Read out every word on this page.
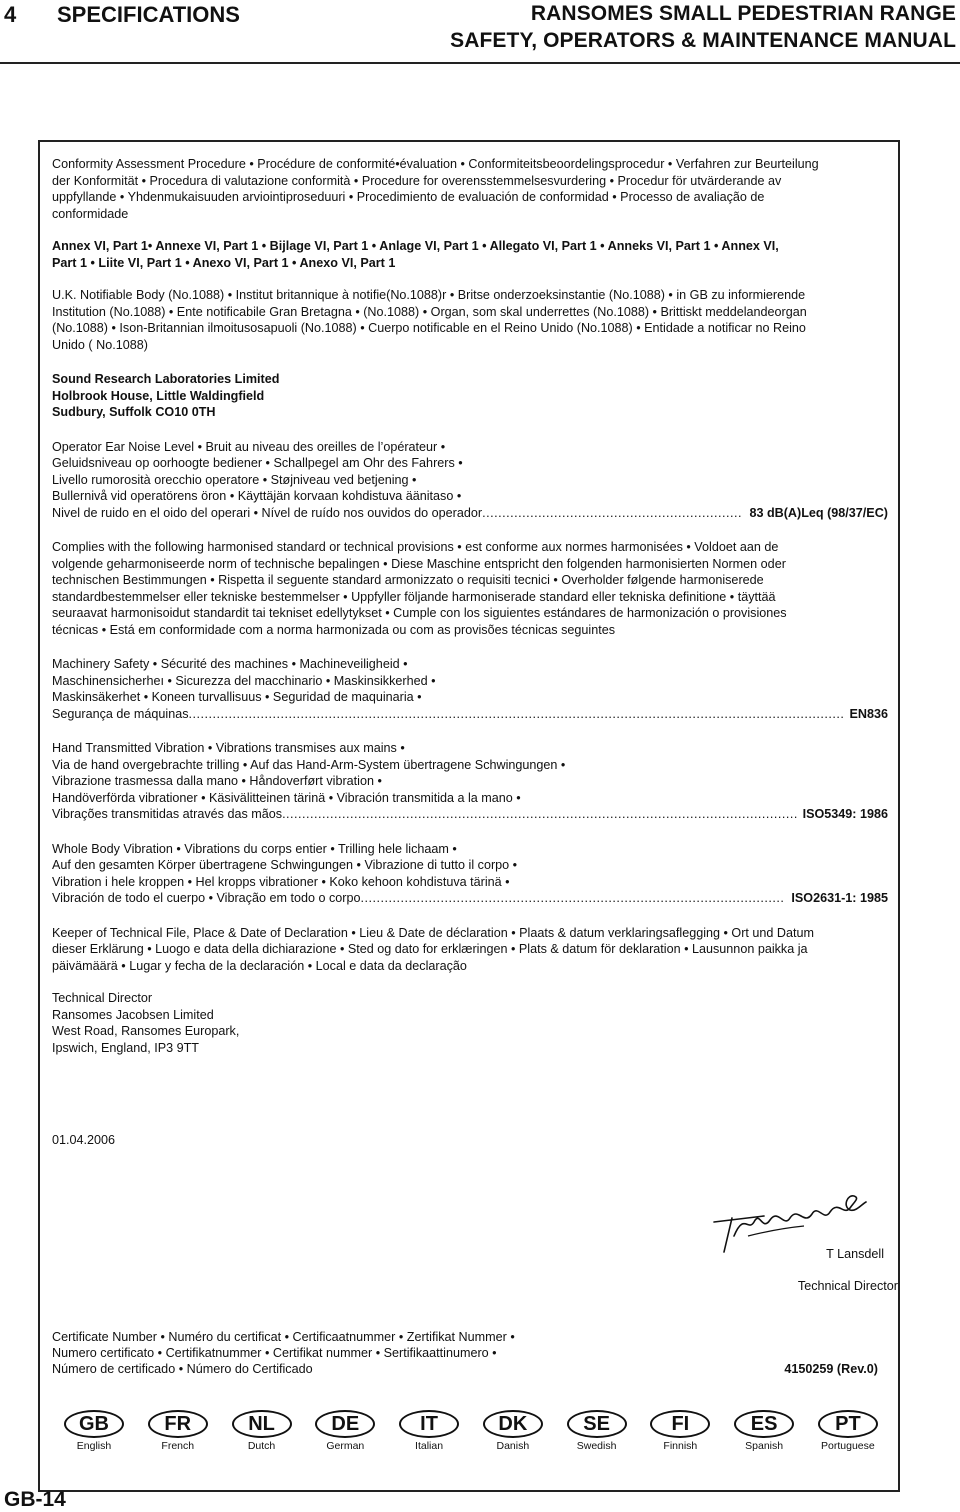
4 SPECIFICATIONS	RANSOMES SMALL PEDESTRIAN RANGE
SAFETY, OPERATORS & MAINTENANCE MANUAL
Conformity Assessment Procedure • Procédure de conformité•évaluation • Conformiteitsbeoordelingsprocedur • Verfahren zur Beurteilung
der Konformität • Procedura di valutazione conformità • Procedure for overensstemmelsesvurdering • Procedur för utvärderande av
uppfyllande • Yhdenmukaisuuden arviointiproseduuri • Procedimiento de evaluación de conformidad • Processo de avaliação de
conformidade
Annex VI, Part 1• Annexe VI, Part 1 • Bijlage VI, Part 1 • Anlage VI, Part 1 • Allegato VI, Part 1 • Anneks VI, Part 1 • Annex VI,
Part 1 • Liite VI, Part 1 • Anexo VI, Part 1 • Anexo VI, Part 1
U.K. Notifiable Body (No.1088) • Institut britannique à notifie(No.1088)r • Britse onderzoeksinstantie (No.1088) • in GB zu informierende
Institution (No.1088) • Ente notificabile Gran Bretagna • (No.1088) • Organ, som skal underrettes (No.1088) • Brittiskt meddelandeorgan
(No.1088) • Ison-Britannian ilmoitusosapuoli (No.1088) • Cuerpo notificable en el Reino Unido (No.1088) • Entidade a notificar no Reino
Unido ( No.1088)
Sound Research Laboratories Limited
Holbrook House, Little Waldingfield
Sudbury, Suffolk CO10 0TH
Operator Ear Noise Level • Bruit au niveau des oreilles de l’opérateur •
Geluidsniveau op oorhoogte bediener • Schallpegel am Ohr des Fahrers •
Livello rumorosità orecchio operatore • Støjniveau ved betjening •
Bullernivå vid operatörens öron • Käyttäjän korvaan kohdistuva äänitaso •
Nivel de ruido en el oido del operari • Nível de ruído nos ouvidos do operador .....	83 dB(A)Leq (98/37/EC)
Complies with the following harmonised standard or technical provisions • est conforme aux normes harmonisées • Voldoet aan de
volgende geharmoniseerde norm of technische bepalingen • Diese Maschine entspricht den folgenden harmonisierten Normen oder
technischen Bestimmungen • Rispetta il seguente standard armonizzato o requisiti tecnici • Overholder følgende harmoniserede
standardbestemmelser eller tekniske bestemmelser • Uppfyller följande harmoniserade standard eller tekniska definitione • täyttää
seuraavat harmonisoidut standardit tai tekniset edellytykset • Cumple con los siguientes estándares de harmonización o provisiones
técnicas • Está em conformidade com a norma harmonizada ou com as provisões técnicas seguintes
Machinery Safety • Sécurité des machines • Machineveiligheid •
Maschinensicherheı • Sicurezza del macchinario • Maskinsikkerhed •
Maskinsäkerhet • Koneen turvallisuus • Seguridad de maquinaria •
Segurança de máquinas .....	EN836
Hand Transmitted Vibration • Vibrations transmises aux mains •
Via de hand overgebrachte trilling • Auf das Hand-Arm-System übertragene Schwingungen •
Vibrazione trasmessa dalla mano • Håndoverført vibration •
Handöverförda vibrationer • Käsivälitteinen tärinä • Vibración transmitida a la mano •
Vibrações transmitidas através das mãos .....	ISO5349: 1986
Whole Body Vibration • Vibrations du corps entier • Trilling hele lichaam •
Auf den gesamten Körper übertragene Schwingungen • Vibrazione di tutto il corpo •
Vibration i hele kroppen • Hel kropps vibrationer • Koko kehoon kohdistuva tärinä •
Vibración de todo el cuerpo • Vibração em todo o corpo .....	ISO2631-1: 1985
Keeper of Technical File, Place & Date of Declaration • Lieu & Date de déclaration • Plaats & datum verklaringsaflegging • Ort und Datum
dieser Erklärung • Luogo e data della dichiarazione • Sted og dato for erklæringen • Plats & datum för deklaration • Lausunnon paikka ja
päivämäärä • Lugar y fecha de la declaración • Local e data da declaração
Technical Director
Ransomes Jacobsen Limited
West Road, Ransomes Europark,
Ipswich, England, IP3 9TT
01.04.2006
T Lansdell
Technical Director
Certificate Number • Numéro du certificat • Certificaatnummer • Zertifikat Nummer •
Numero certificato • Certifikatnummer • Certifikat nummer • Sertifikaattinumero •
Número de certificado • Número do Certificado	4150259 (Rev.0)
GB
English
FR
French
NL
Dutch
DE
German
IT
Italian
DK
Danish
SE
Swedish
FI
Finnish
ES
Spanish
PT
Portuguese
GB-14
